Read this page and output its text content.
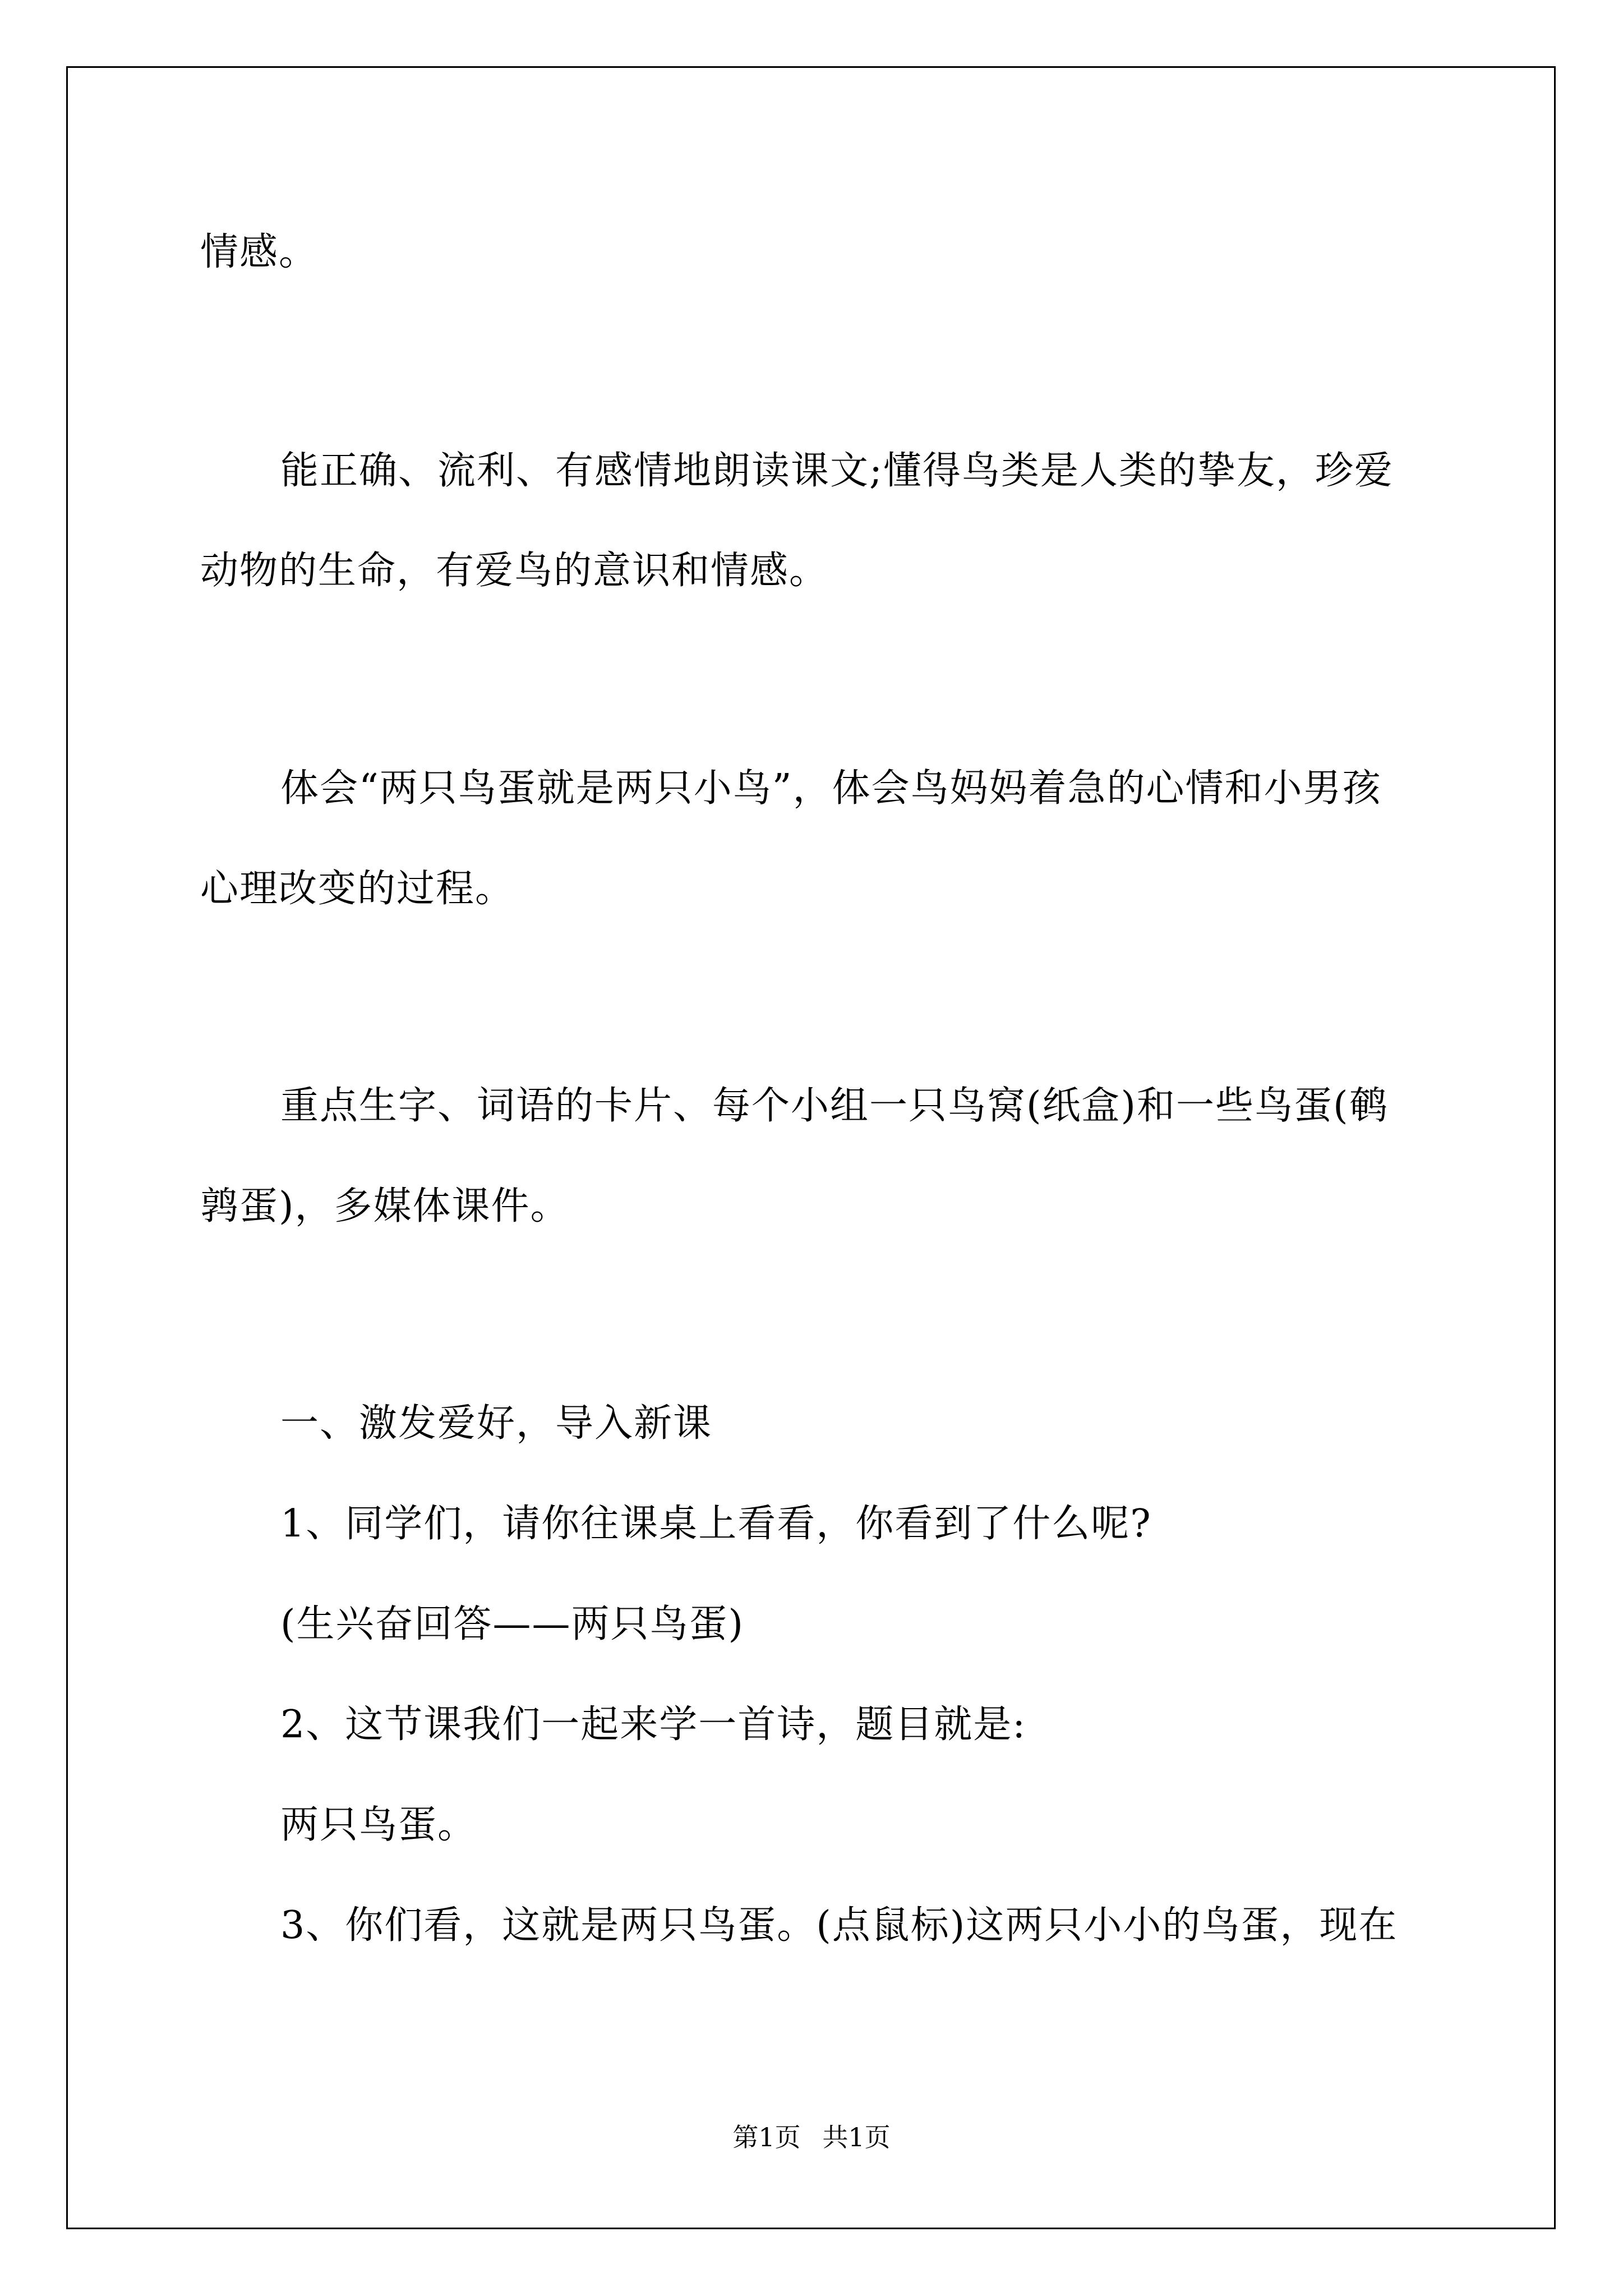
情感。
能正确、流利、有感情地朗读课文;懂得鸟类是人类的挚友，珍爱
动物的生命，有爱鸟的意识和情感。
体会“两只鸟蛋就是两只小鸟”，体会鸟妈妈着急的心情和小男孩
心理改变的过程。
重点生字、词语的卡片、每个小组一只鸟窝(纸盒)和一些鸟蛋(鹌
鹑蛋)，多媒体课件。
一、激发爱好，导入新课
1、同学们，请你往课桌上看看，你看到了什么呢?
(生兴奋回答——两只鸟蛋)
2、这节课我们一起来学一首诗，题目就是:
两只鸟蛋。
3、你们看，这就是两只鸟蛋。(点鼠标)这两只小小的鸟蛋，现在
第1页 共1页
